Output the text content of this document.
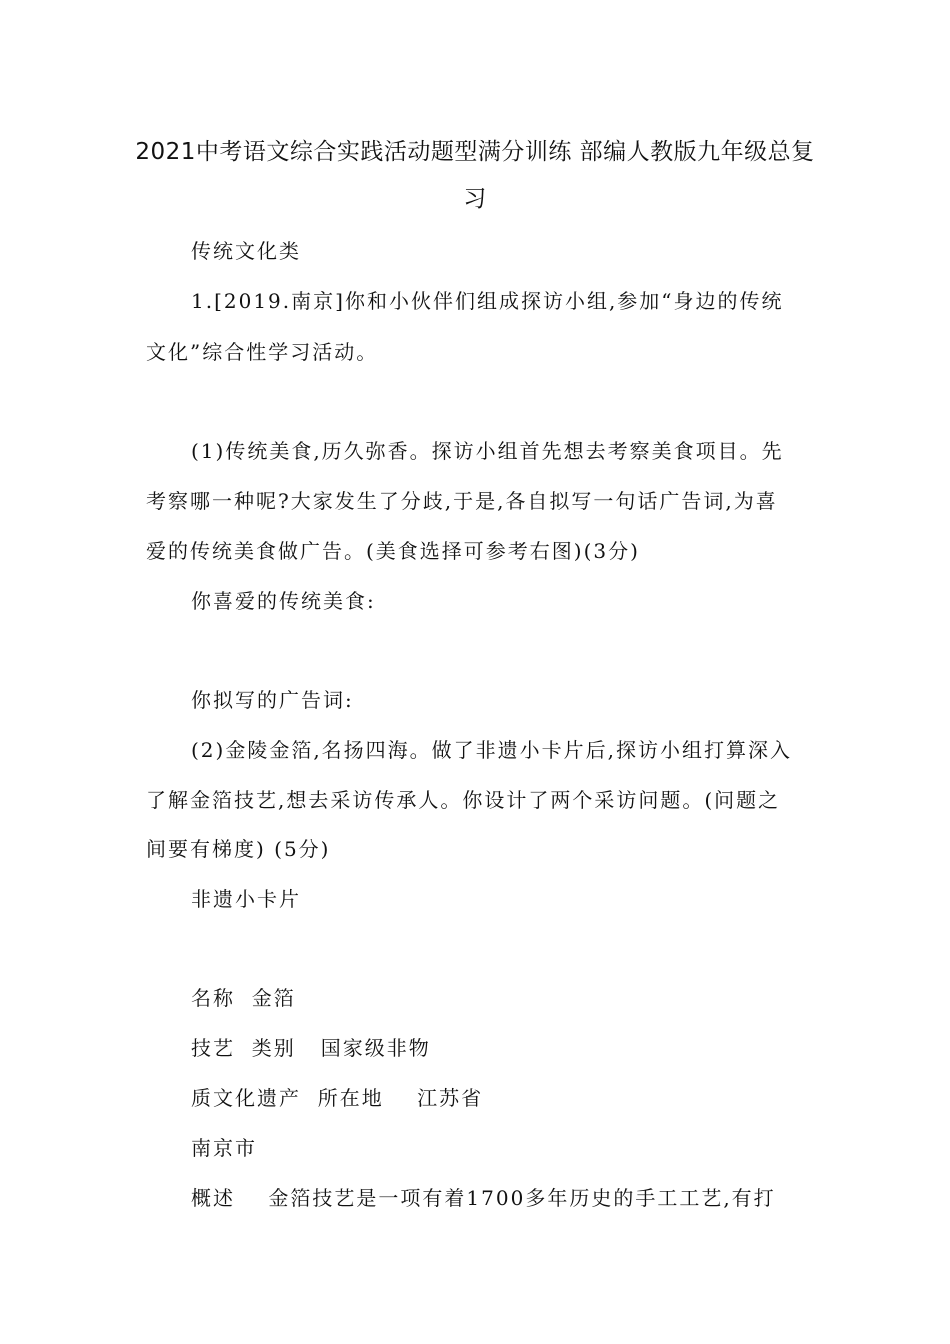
2021中考语文综合实践活动题型满分训练 部编人教版九年级总复
习
传统文化类
1.[2019.南京]你和小伙伴们组成探访小组,参加“身边的传统
文化”综合性学习活动。
(1)传统美食,历久弥香。探访小组首先想去考察美食项目。先
考察哪一种呢?大家发生了分歧,于是,各自拟写一句话广告词,为喜
爱的传统美食做广告。(美食选择可参考右图)(3分)
你喜爱的传统美食:
你拟写的广告词:
(2)金陵金箔,名扬四海。做了非遗小卡片后,探访小组打算深入
了解金箔技艺,想去采访传承人。你设计了两个采访问题。(问题之
间要有梯度) (5分)
非遗小卡片
名称  金箔
技艺  类别   国家级非物
质文化遗产  所在地    江苏省
南京市
概述    金箔技艺是一项有着1700多年历史的手工工艺,有打
